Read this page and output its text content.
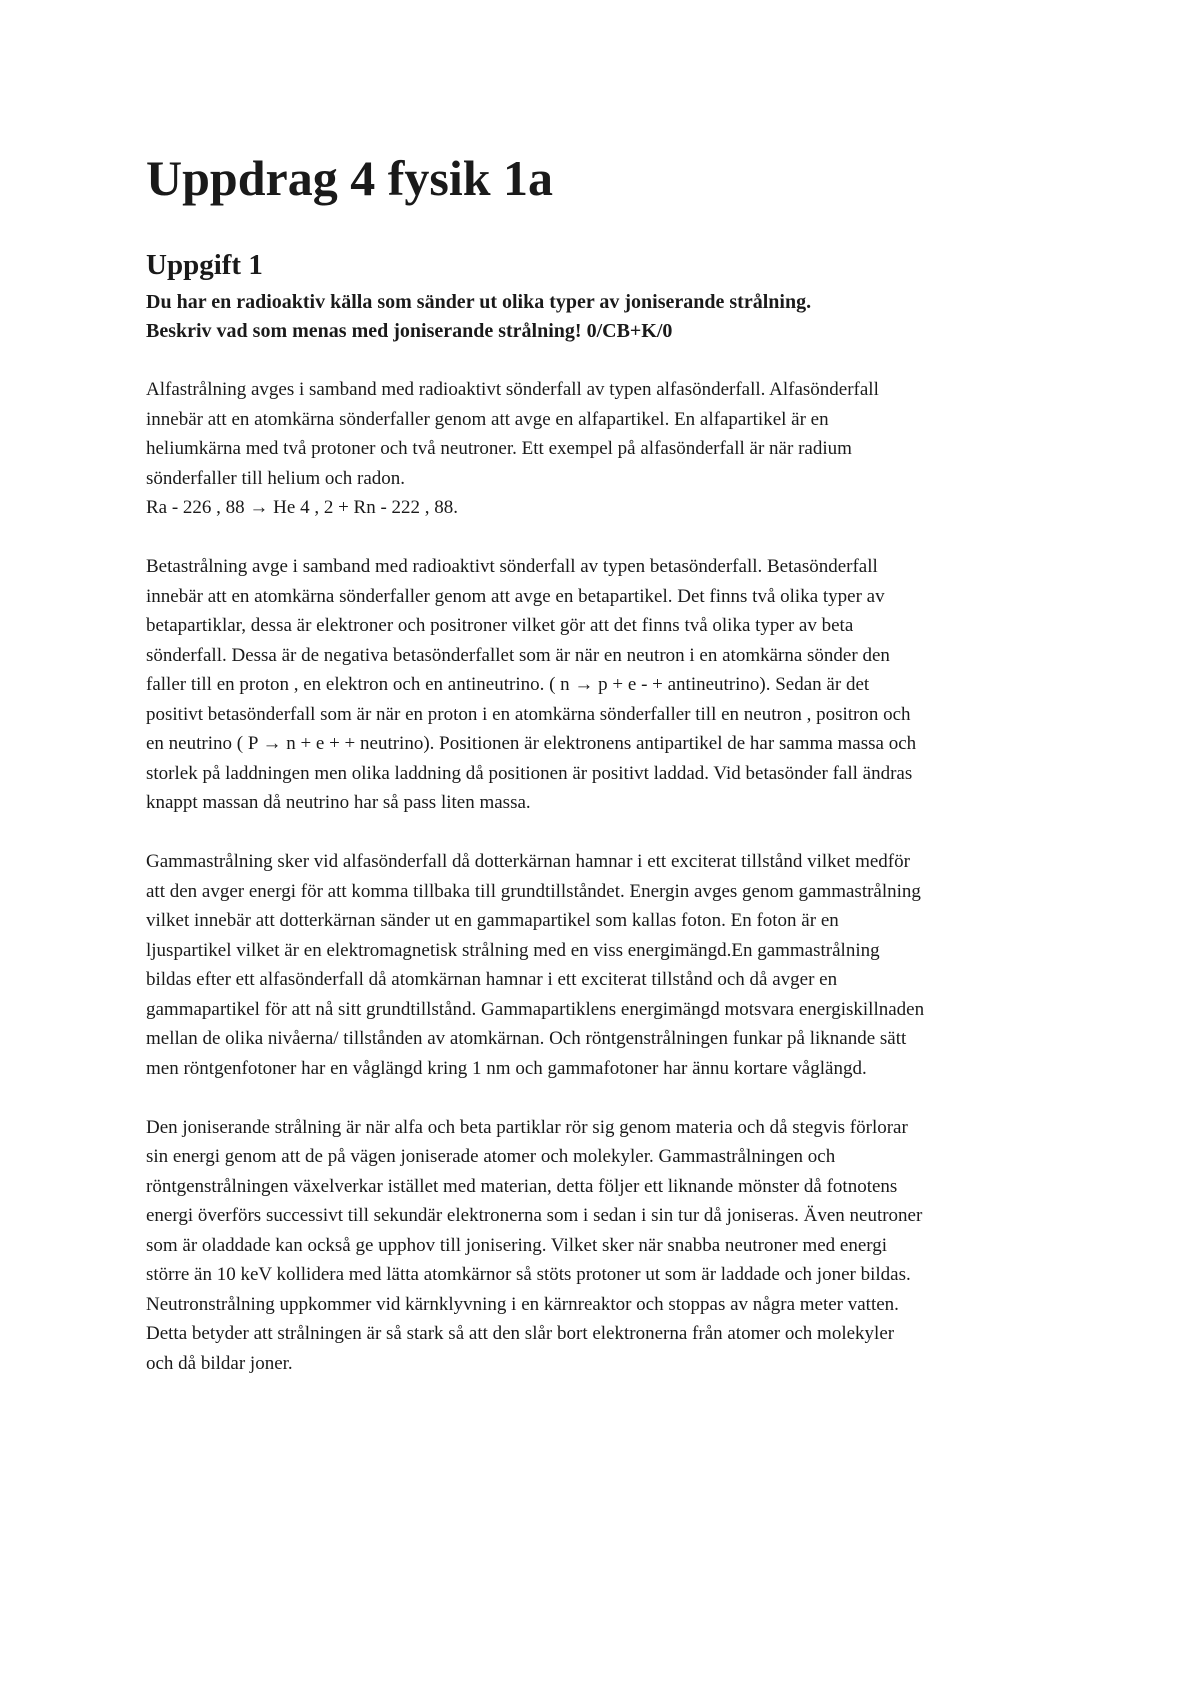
Uppdrag 4 fysik 1a
Uppgift 1
Du har en radioaktiv källa som sänder ut olika typer av joniserande strålning.
Beskriv vad som menas med joniserande strålning! 0/CB+K/0

Alfastrålning avges i samband med radioaktivt sönderfall av typen alfasönderfall. Alfasönderfall
innebär att en atomkärna sönderfaller genom att avge en alfapartikel. En alfapartikel är en
heliumkärna med två protoner och två neutroner. Ett exempel på alfasönderfall är när radium
sönderfaller till helium och radon.
Ra - 226 , 88 → He 4 , 2 + Rn - 222 , 88.

Betastrålning avge i samband med radioaktivt sönderfall av typen betasönderfall. Betasönderfall
innebär att en atomkärna sönderfaller genom att avge en betapartikel. Det finns två olika typer av
betapartiklar, dessa är elektroner och positroner vilket gör att det finns två olika typer av beta
sönderfall. Dessa är de negativa betasönderfallet som är när en neutron i en atomkärna sönder den
faller till en proton , en elektron och en antineutrino. ( n → p + e - + antineutrino). Sedan är det
positivt betasönderfall som är när en proton i en atomkärna sönderfaller till en neutron , positron och
en neutrino ( P → n + e + + neutrino). Positionen är elektronens antipartikel de har samma massa och
storlek på laddningen men olika laddning då positionen är positivt laddad. Vid betasönder fall ändras
knappt massan då neutrino har så pass liten massa.

Gammastrålning sker vid alfasönderfall då dotterkärnan hamnar i ett exciterat tillstånd vilket medför
att den avger energi för att komma tillbaka till grundtillståndet. Energin avges genom gammastrålning
vilket innebär att dotterkärnan sänder ut en gammapartikel som kallas foton. En foton är en
ljuspartikel vilket är en elektromagnetisk strålning med en viss energimängd.En gammastrålning
bildas efter ett alfasönderfall då atomkärnan hamnar i ett exciterat tillstånd och då avger en
gammapartikel för att nå sitt grundtillstånd. Gammapartiklens energimängd motsvara energiskillnaden
mellan de olika nivåerna/ tillstånden av atomkärnan. Och röntgenstrålningen funkar på liknande sätt
men röntgenfotoner har en våglängd kring 1 nm och gammafotoner har ännu kortare våglängd.

Den joniserande strålning är när alfa och beta partiklar rör sig genom materia och då stegvis förlorar
sin energi genom att de på vägen joniserade atomer och molekyler. Gammastrålningen och
röntgenstrålningen växelverkar istället med materian, detta följer ett liknande mönster då fotnotens
energi överförs successivt till sekundär elektronerna som i sedan i sin tur då joniseras. Även neutroner
som är oladdade kan också ge upphov till jonisering. Vilket sker när snabba neutroner med energi
större än 10 keV kollidera med lätta atomkärnor så stöts protoner ut som är laddade och joner bildas.
Neutronstrålning uppkommer vid kärnklyvning i en kärnreaktor och stoppas av några meter vatten.
Detta betyder att strålningen är så stark så att den slår bort elektronerna från atomer och molekyler
och då bildar joner.
